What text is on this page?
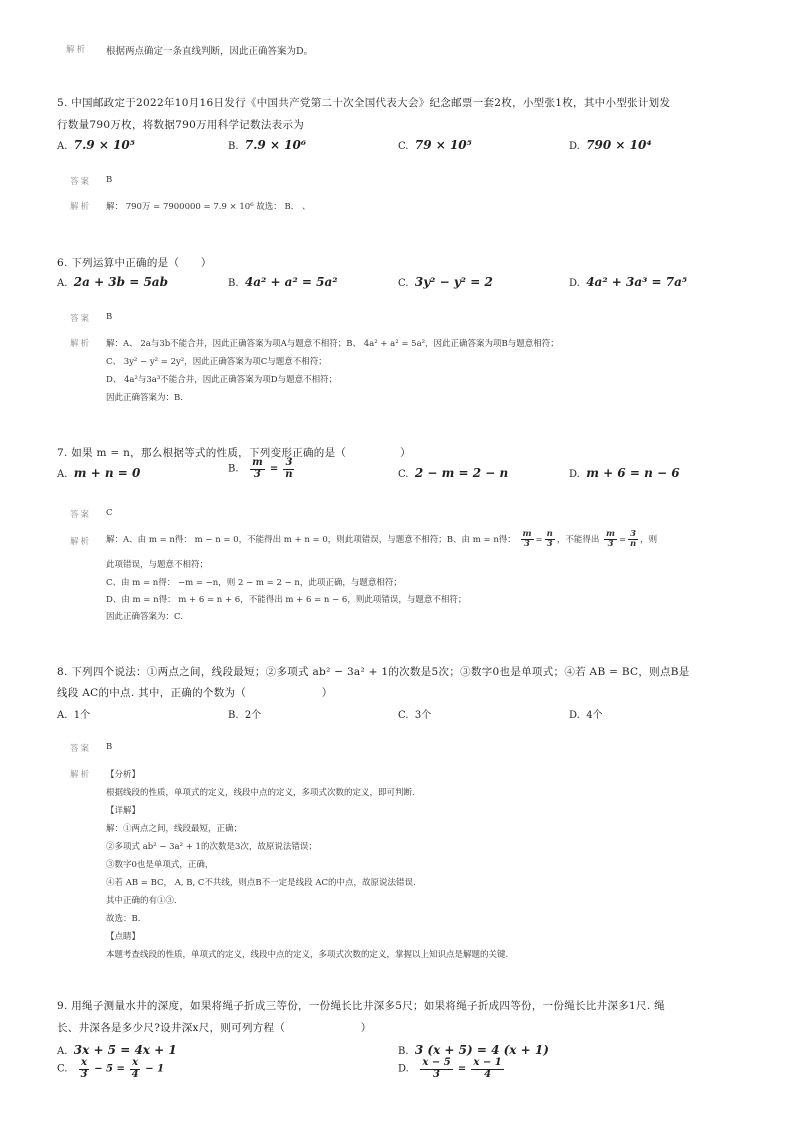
解析 根据两点确定一条直线判断，因此正确答案为D。
5. 中国邮政定于2022年10月16日发行《中国共产党第二十次全国代表大会》纪念邮票一套2枚，小型张1枚，其中小型张计划发
行数量790万枚，将数据790万用科学记数法表示为
A. 7.9 × 10⁵	B. 7.9 × 10⁶	C. 79 × 10⁵	D. 790 × 10⁴
答案 B
解析 解： 790万 = 7900000 = 7.9 × 10⁶ 故选： B． 、
6. 下列运算中正确的是（　　）
A. 2a + 3b = 5ab	B. 4a² + a² = 5a²	C. 3y² − y² = 2	D. 4a² + 3a³ = 7a⁵
答案 B
解析 解：A、 2a与3b不能合并，因此正确答案为项A与题意不相符；B、 4a² + a² = 5a²，因此正确答案为项B与题意相符；
C、 3y² − y² = 2y²，因此正确答案为项C与题意不相符；
D、 4a²与3a³不能合并，因此正确答案为项D与题意不相符；
因此正确答案为：B.
7. 如果 m = n，那么根据等式的性质，下列变形正确的是（　　　　　）
A. m + n = 0	B. $\frac{m}{3} = \frac{3}{n}$	C. 2 − m = 2 − n	D. m + 6 = n − 6
答案 C
解析 解：A、由 m = n得： m − n = 0，不能得出 m + n = 0，则此项错误，与题意不相符；B、由 m = n得： $\frac{m}{3} = \frac{n}{3}$ ，不能得出 $\frac{m}{3} = \frac{3}{n}$ ，则
此项错误，与题意不相符；
C、由 m = n得： −m = −n，则 2 − m = 2 − n，此项正确，与题意相符；
D、由 m = n得： m + 6 = n + 6，不能得出 m + 6 = n − 6，则此项错误，与题意不相符；
因此正确答案为：C.
8. 下列四个说法：①两点之间，线段最短；②多项式 ab² − 3a² + 1的次数是5次；③数字0也是单项式；④若 AB = BC，则点B是
线段 AC的中点. 其中，正确的个数为（　　　　　　　）
A. 1个	B. 2个	C. 3个	D. 4个
答案 B
解析 【分析】
根据线段的性质，单项式的定义，线段中点的定义，多项式次数的定义，即可判断.
【详解】
解：①两点之间，线段最短，正确；
②多项式 ab² − 3a² + 1的次数是3次，故原说法错误；
③数字0也是单项式，正确，
④若 AB = BC， A, B, C不共线，则点B不一定是线段 AC的中点，故原说法错误.
其中正确的有①③.
故选：B.
【点睛】
本题考查线段的性质，单项式的定义，线段中点的定义，多项式次数的定义，掌握以上知识点是解题的关键.
9. 用绳子测量水井的深度，如果将绳子折成三等份，一份绳长比井深多5尺；如果将绳子折成四等份，一份绳长比井深多1尺. 绳
长、井深各是多少尺?设井深x尺，则可列方程（　　　　　　　）
A. 3x + 5 = 4x + 1	B. 3 (x + 5) = 4 (x + 1)
C. $\frac{x}{3} - 5 = \frac{x}{4} - 1$	D. $\frac{x - 5}{3} = \frac{x - 1}{4}$
